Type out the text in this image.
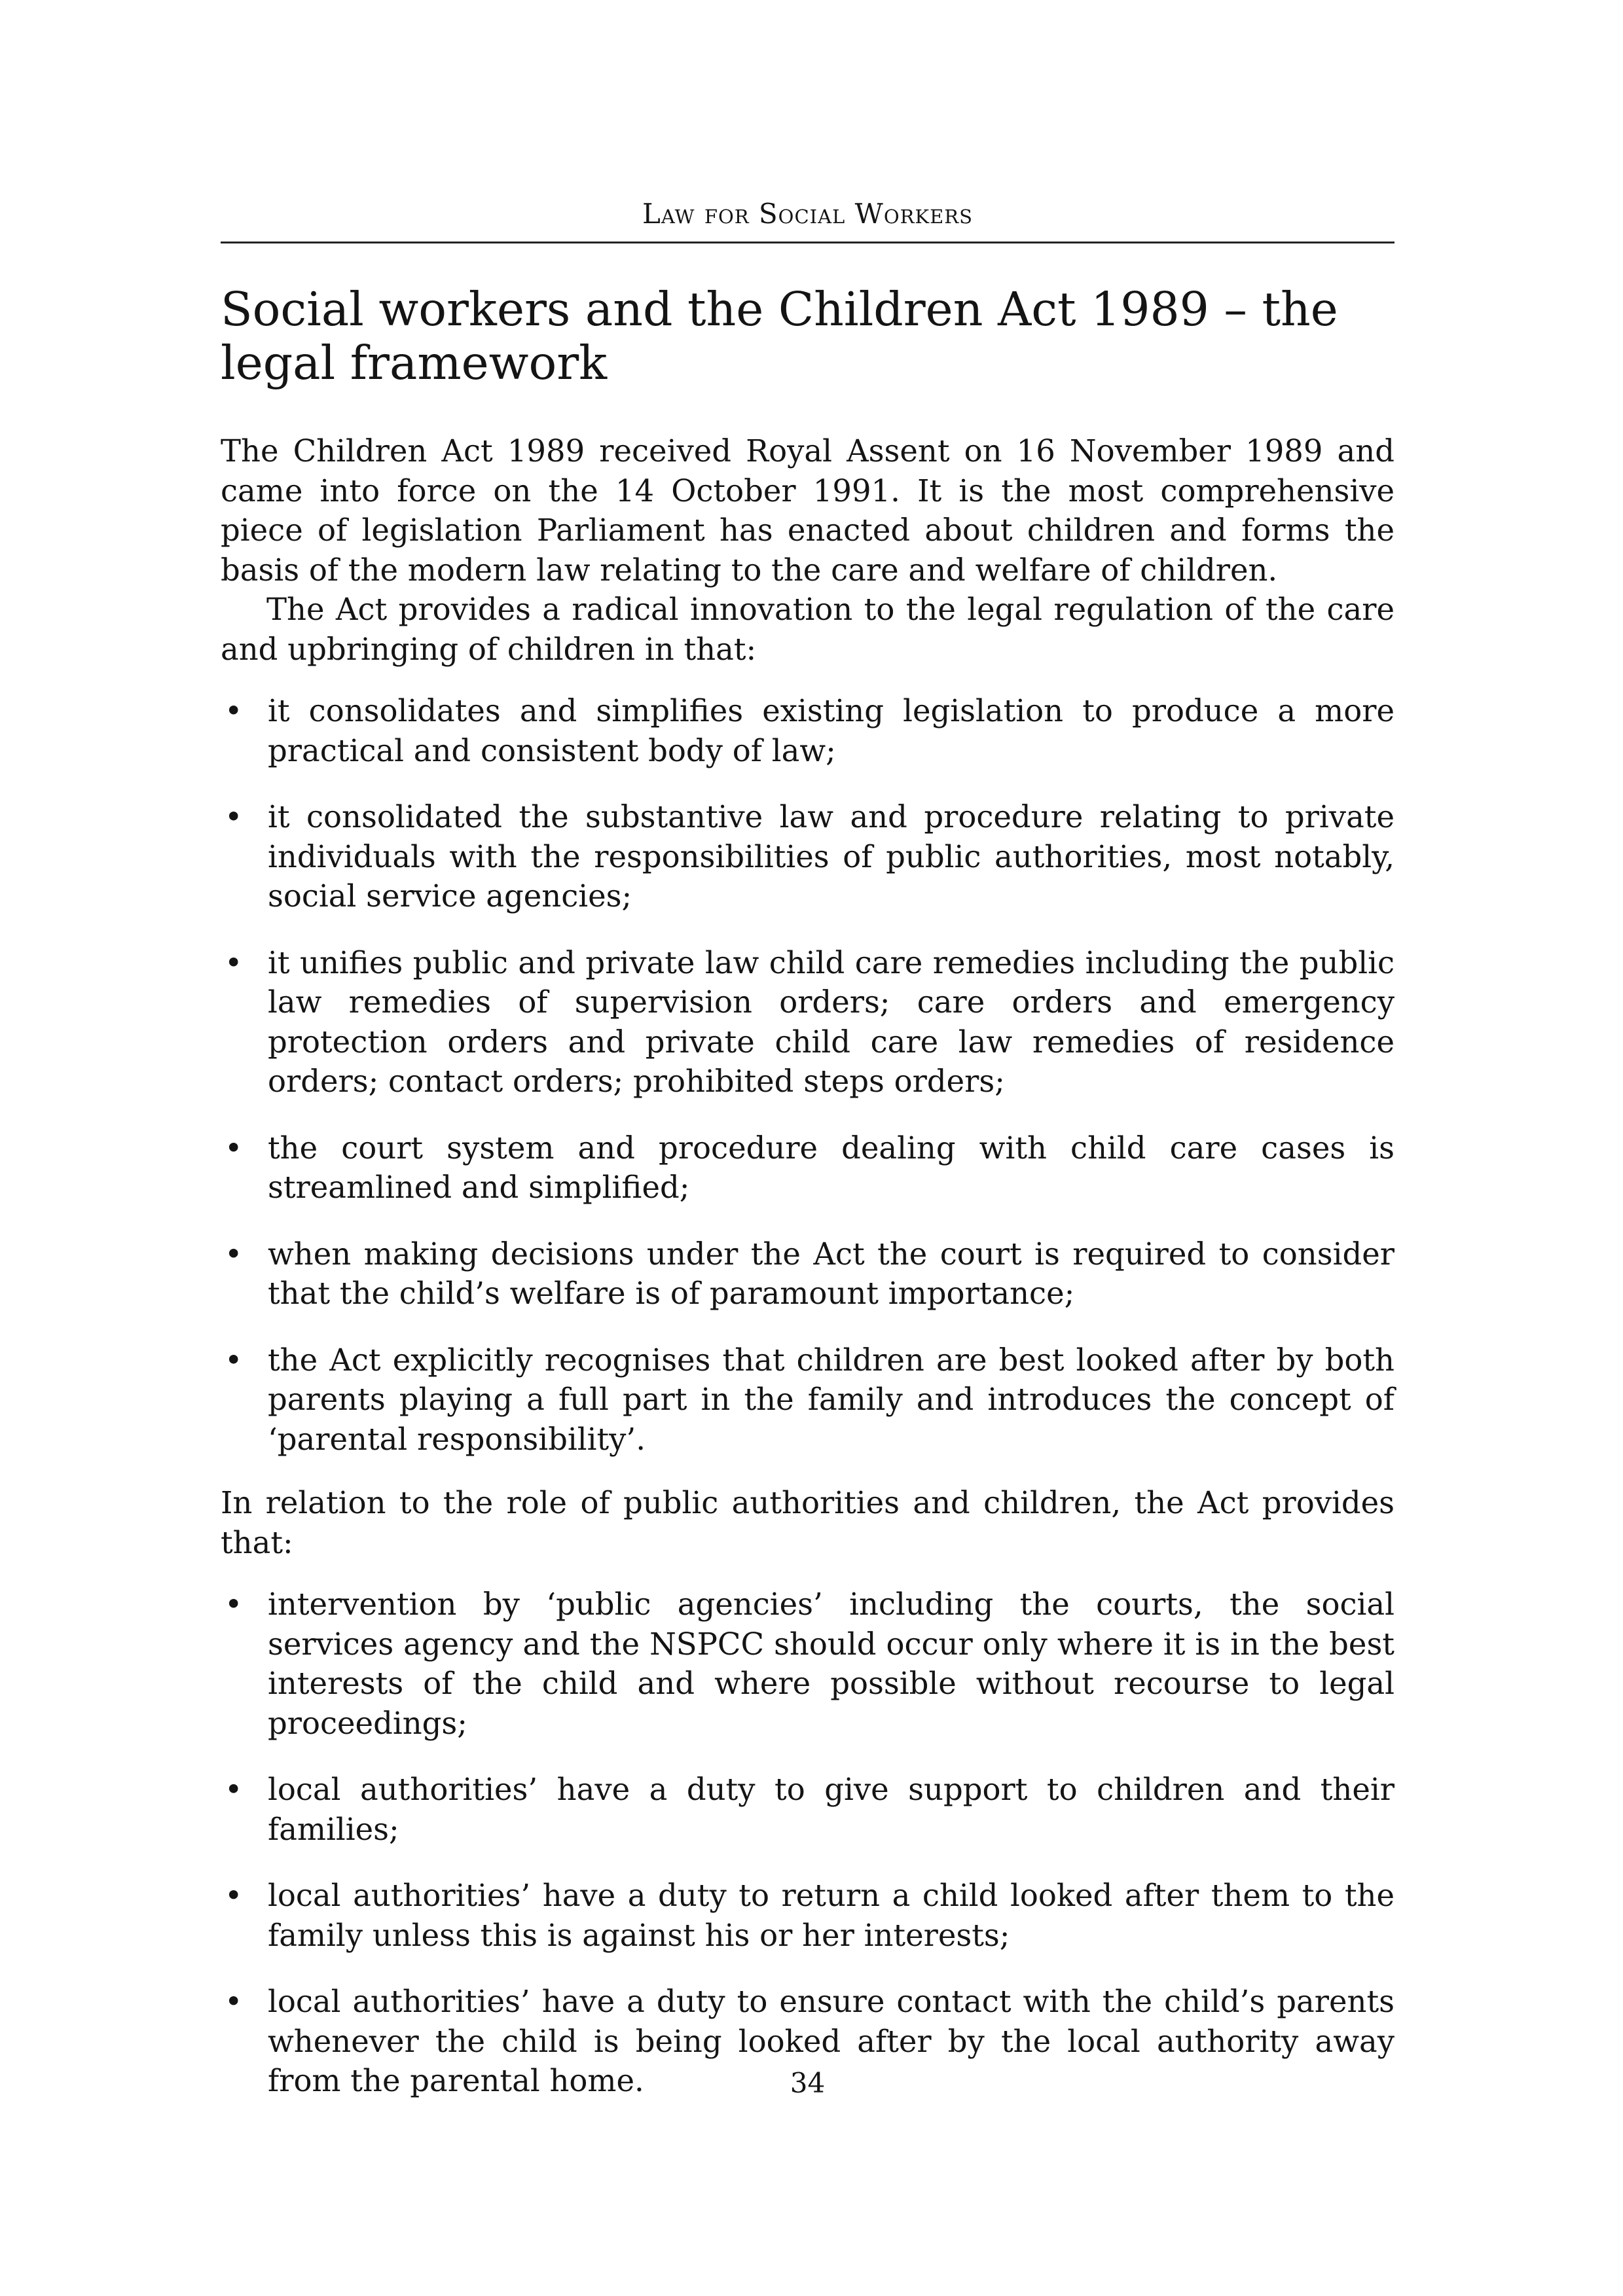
Law for Social Workers
Social workers and the Children Act 1989 – the legal framework

The Children Act 1989 received Royal Assent on 16 November 1989 and came into force on the 14 October 1991. It is the most comprehensive piece of legislation Parliament has enacted about children and forms the basis of the modern law relating to the care and welfare of children.

The Act provides a radical innovation to the legal regulation of the care and upbringing of children in that:

• it consolidates and simplifies existing legislation to produce a more practical and consistent body of law;
• it consolidated the substantive law and procedure relating to private individuals with the responsibilities of public authorities, most notably, social service agencies;
• it unifies public and private law child care remedies including the public law remedies of supervision orders; care orders and emergency protection orders and private child care law remedies of residence orders; contact orders; prohibited steps orders;
• the court system and procedure dealing with child care cases is streamlined and simplified;
• when making decisions under the Act the court is required to consider that the child’s welfare is of paramount importance;
• the Act explicitly recognises that children are best looked after by both parents playing a full part in the family and introduces the concept of ‘parental responsibility’.

In relation to the role of public authorities and children, the Act provides that:

• intervention by ‘public agencies’ including the courts, the social services agency and the NSPCC should occur only where it is in the best interests of the child and where possible without recourse to legal proceedings;
• local authorities’ have a duty to give support to children and their families;
• local authorities’ have a duty to return a child looked after them to the family unless this is against his or her interests;
• local authorities’ have a duty to ensure contact with the child’s parents whenever the child is being looked after by the local authority away from the parental home.	34
